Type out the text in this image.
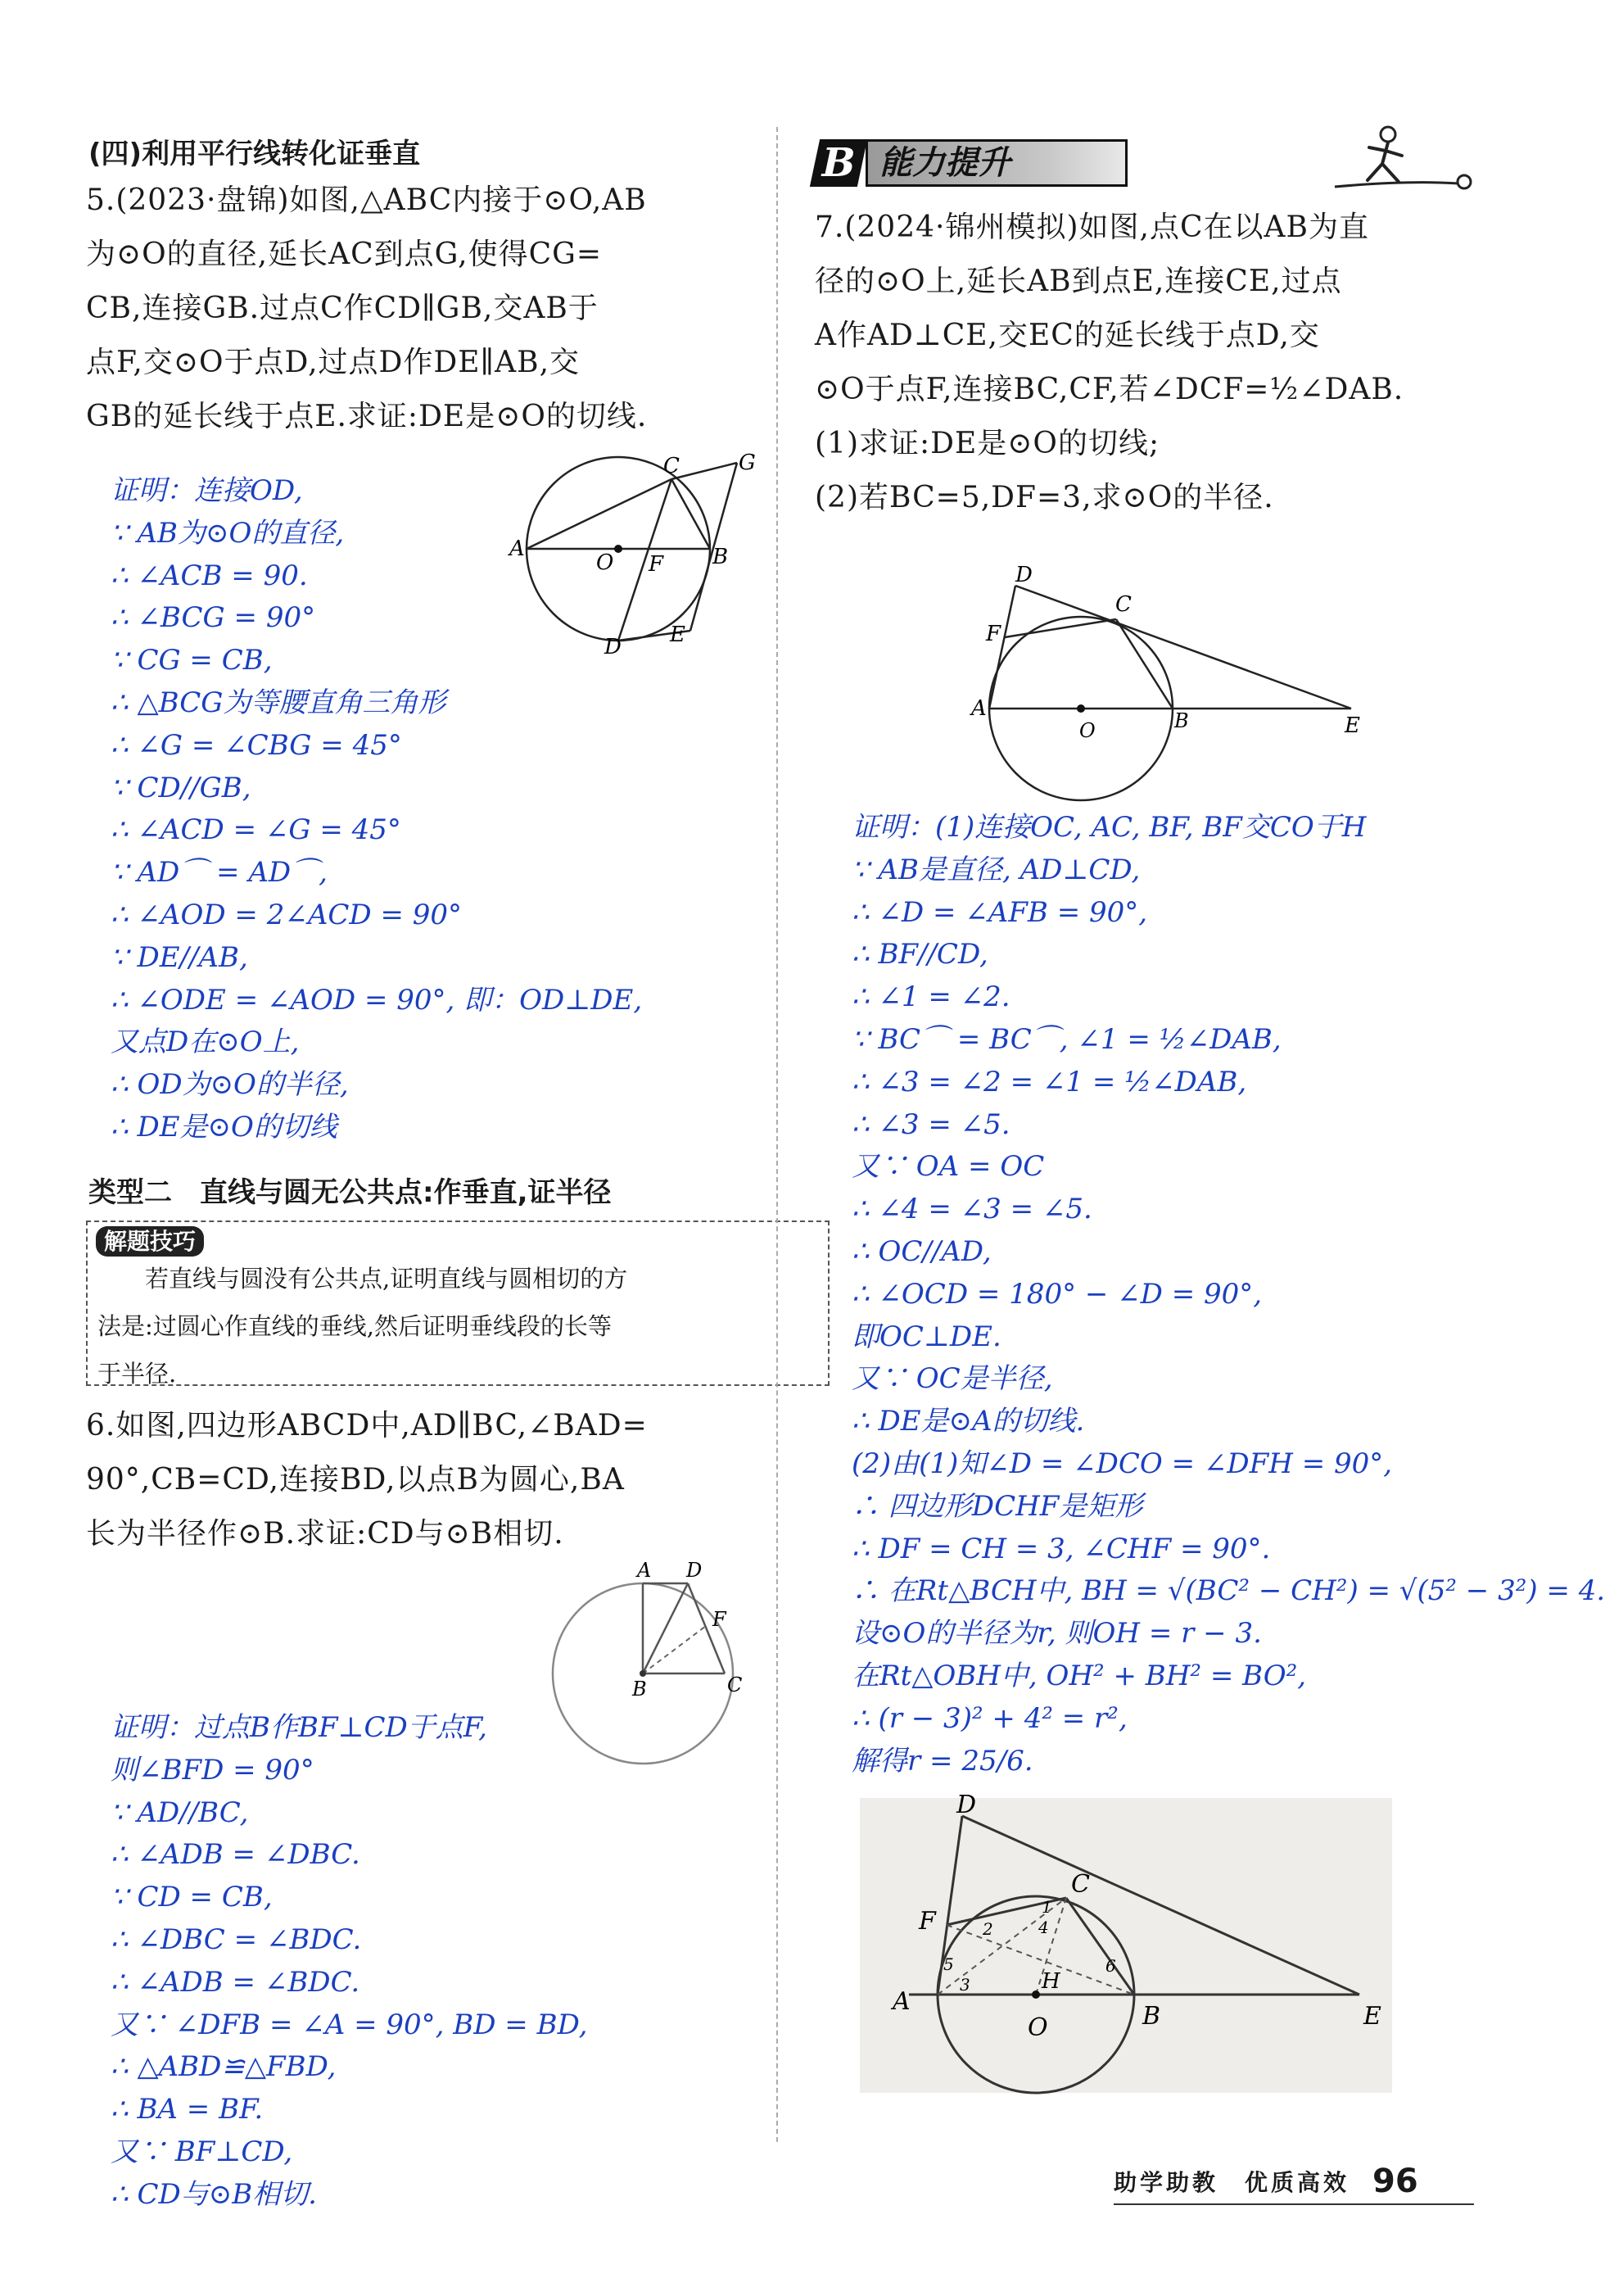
(四)利用平行线转化证垂直
5.(2023·盘锦)如图,△ABC内接于⊙O,AB
为⊙O的直径,延长AC到点G,使得CG=
CB,连接GB.过点C作CD∥GB,交AB于
点F,交⊙O于点D,过点D作DE∥AB,交
GB的延长线于点E.求证:DE是⊙O的切线.
证明：连接OD,
∵ AB为⊙O的直径,
∴ ∠ACB = 90.
∴ ∠BCG = 90°
∵ CG = CB,
∴ △BCG为等腰直角三角形
∴ ∠G = ∠CBG = 45°
∵ CD//GB,
∴ ∠ACD = ∠G = 45°
∵ AD⌒ = AD⌒,
∴ ∠AOD = 2∠ACD = 90°
∵ DE//AB,
∴ ∠ODE = ∠AOD = 90°, 即：OD⊥DE,
又点D在⊙O上,
∴ OD为⊙O的半径,
∴ DE是⊙O的切线
A
O F B
C	G
D E
类型二　直线与圆无公共点:作垂直,证半径
解题技巧
若直线与圆没有公共点,证明直线与圆相切的方
法是:过圆心作直线的垂线,然后证明垂线段的长等
于半径.
6.如图,四边形ABCD中,AD∥BC,∠BAD=
90°,CB=CD,连接BD,以点B为圆心,BA
长为半径作⊙B.求证:CD与⊙B相切.
A D
F
B	C
证明：过点B作BF⊥CD于点F,
则∠BFD = 90°
∵ AD//BC,
∴ ∠ADB = ∠DBC.
∵ CD = CB,
∴ ∠DBC = ∠BDC.
∴ ∠ADB = ∠BDC.
又∵ ∠DFB = ∠A = 90°, BD = BD,
∴ △ABD≌△FBD,
∴ BA = BF.
又∵ BF⊥CD,
∴ CD与⊙B相切.
B 能力提升
7.(2024·锦州模拟)如图,点C在以AB为直
径的⊙O上,延长AB到点E,连接CE,过点
A作AD⊥CE,交EC的延长线于点D,交
⊙O于点F,连接BC,CF,若∠DCF=½∠DAB.
(1)求证:DE是⊙O的切线;
(2)若BC=5,DF=3,求⊙O的半径.
D
C
F
A
O	B	E
证明：(1)连接OC, AC, BF, BF交CO于H
∵ AB是直径, AD⊥CD,
∴ ∠D = ∠AFB = 90°,
∴ BF//CD,
∴ ∠1 = ∠2.
∵ BC⌒ = BC⌒, ∠1 = ½∠DAB,
∴ ∠3 = ∠2 = ∠1 = ½∠DAB,
∴ ∠3 = ∠5.
又∵ OA = OC
∴ ∠4 = ∠3 = ∠5.
∴ OC//AD,
∴ ∠OCD = 180° − ∠D = 90°,
即OC⊥DE.
又∵ OC是半径,
∴ DE是⊙A的切线.
(2)由(1)知∠D = ∠DCO = ∠DFH = 90°,
∴ 四边形DCHF是矩形
∴ DF = CH = 3, ∠CHF = 90°.
∴ 在Rt△BCH中, BH = √(BC² − CH²) = √(5² − 3²) = 4.
设⊙O的半径为r, 则OH = r − 3.
在Rt△OBH中, OH² + BH² = BO²,
∴ (r − 3)² + 4² = r²,
解得r = 25/6.
D
C
F
A
O
H
B	E
1
2
3
4
5	6
助学助教　优质高效 96
